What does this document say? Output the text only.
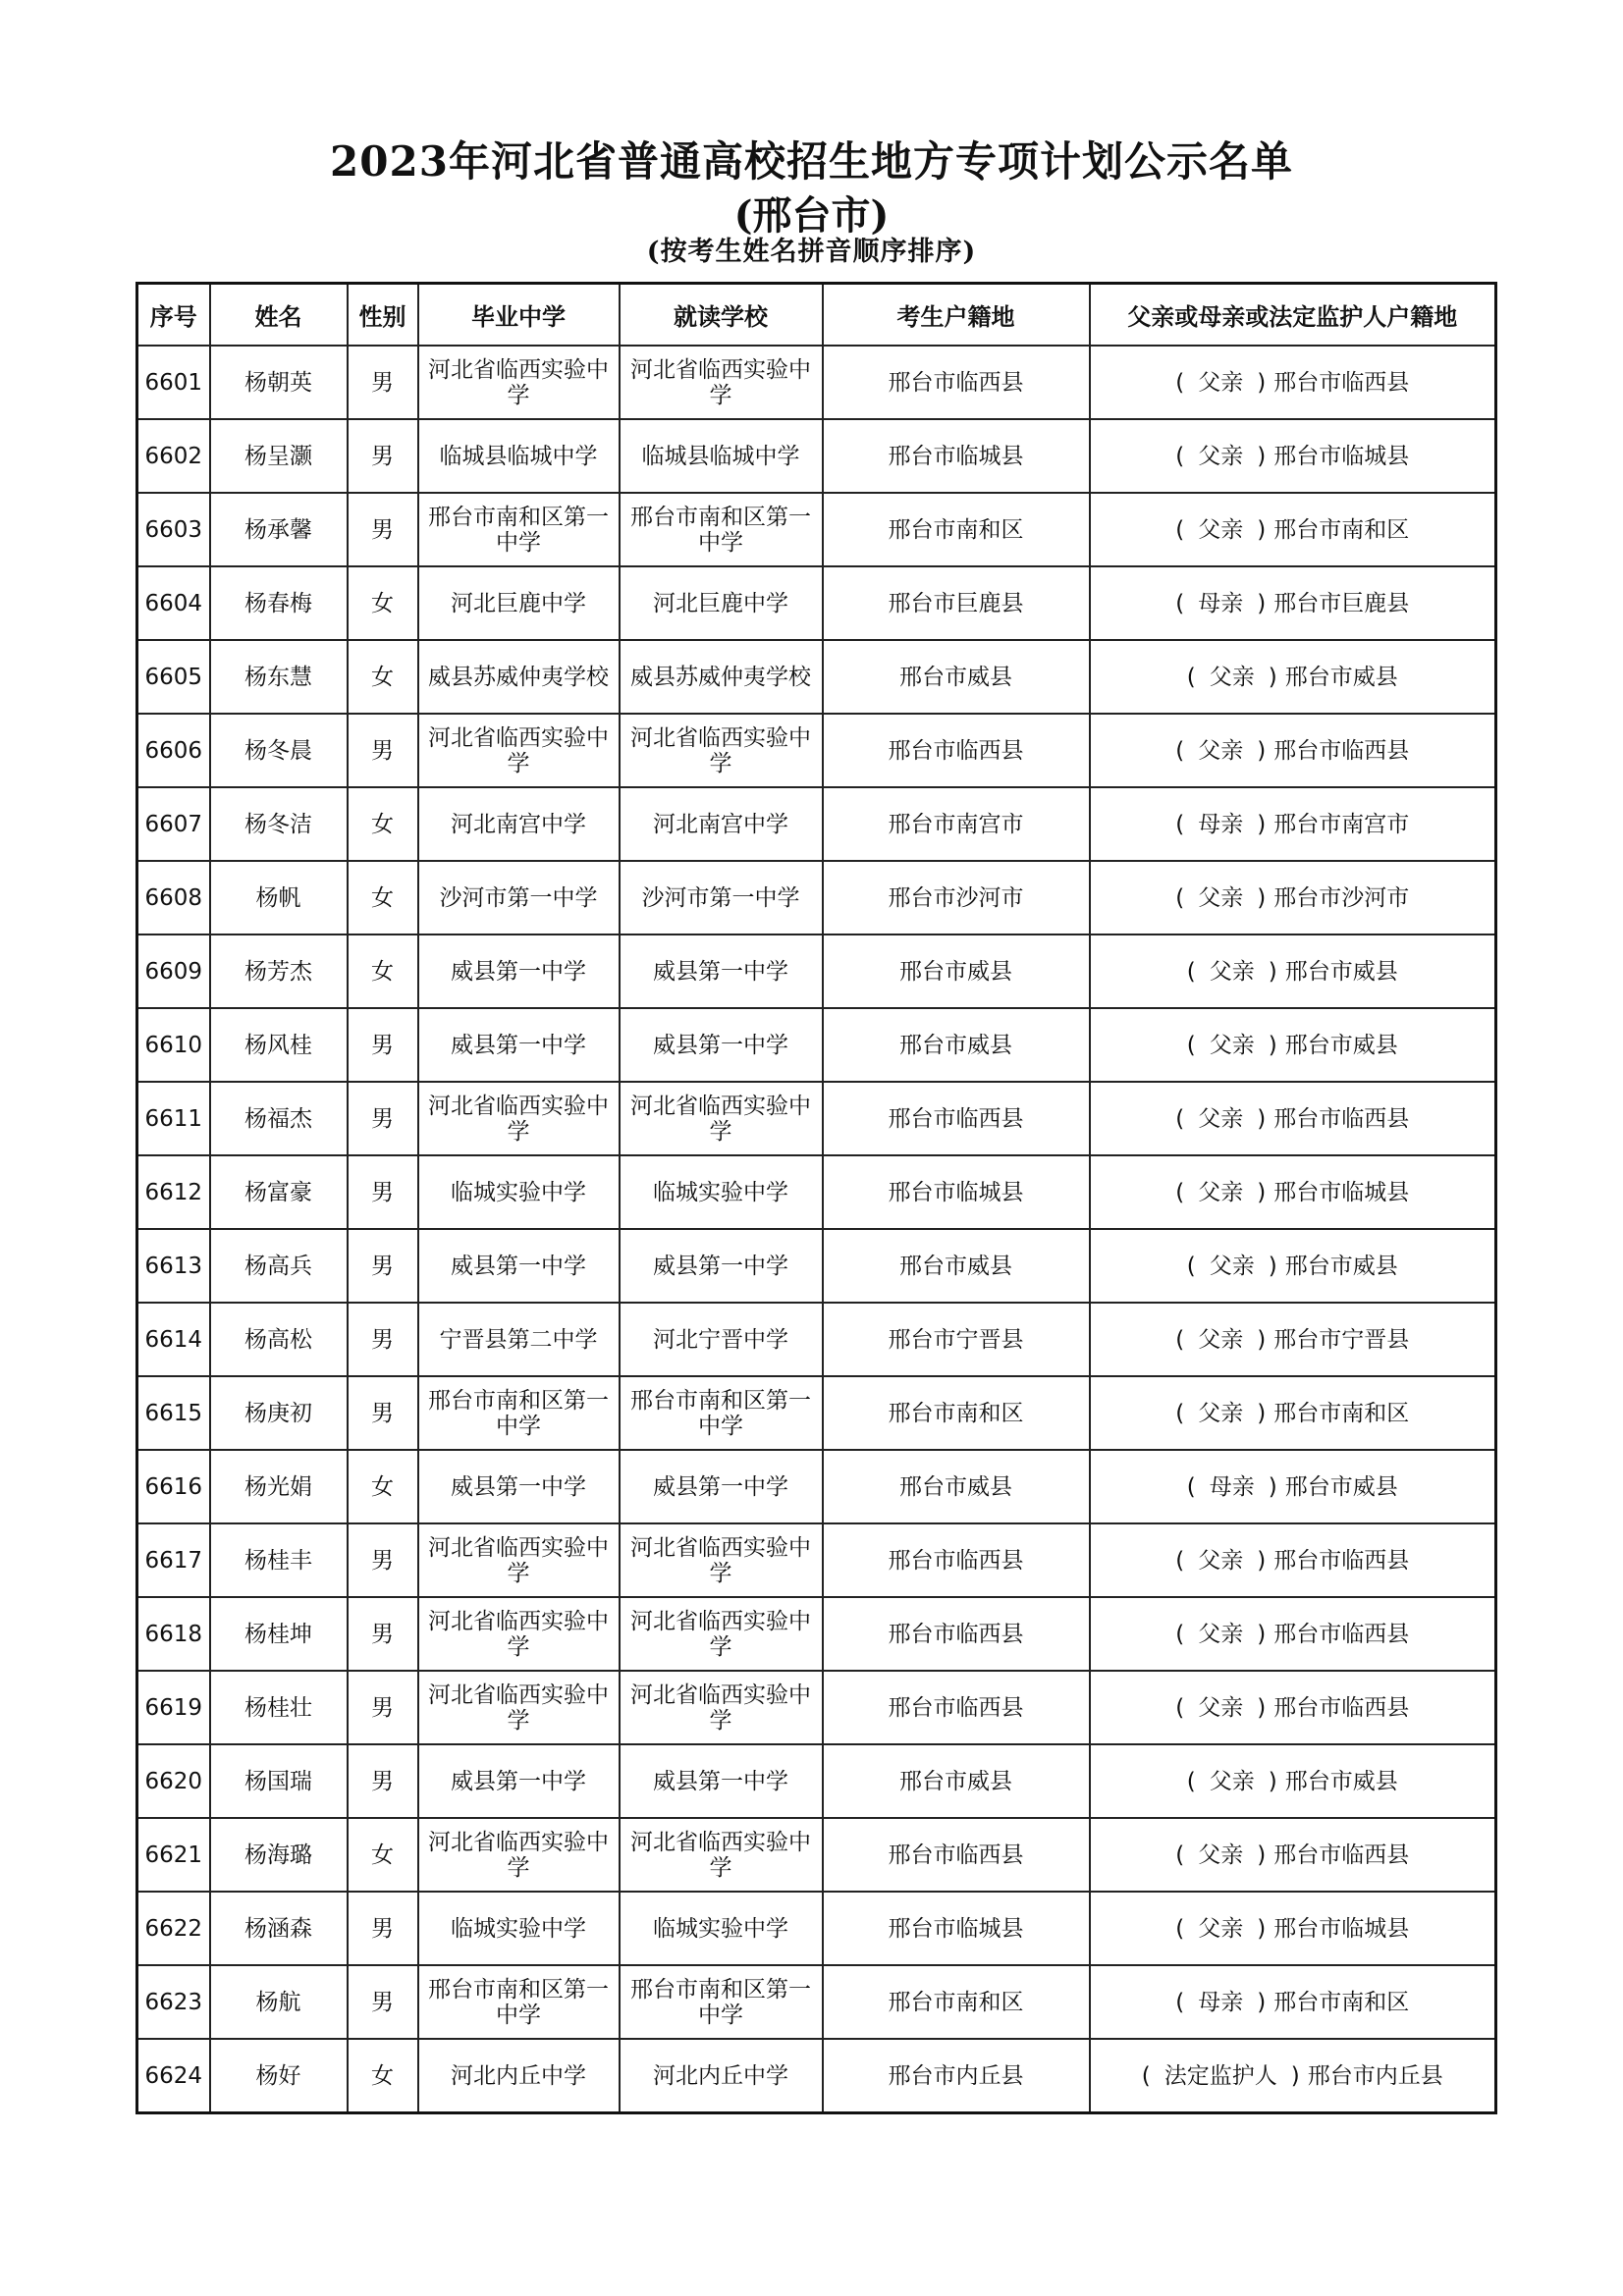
2023年河北省普通高校招生地方专项计划公示名单
(邢台市)
(按考生姓名拼音顺序排序)
序号	姓名	性别	毕业中学	就读学校	考生户籍地	父亲或母亲或法定监护人户籍地
6601	杨朝英	男	河北省临西实验中学	河北省临西实验中学	邢台市临西县	( 父亲 ) 邢台市临西县
6602	杨呈灏	男	临城县临城中学	临城县临城中学	邢台市临城县	( 父亲 ) 邢台市临城县
6603	杨承馨	男	邢台市南和区第一中学	邢台市南和区第一中学	邢台市南和区	( 父亲 ) 邢台市南和区
6604	杨春梅	女	河北巨鹿中学	河北巨鹿中学	邢台市巨鹿县	( 母亲 ) 邢台市巨鹿县
6605	杨东慧	女	威县苏威仲夷学校	威县苏威仲夷学校	邢台市威县	( 父亲 ) 邢台市威县
6606	杨冬晨	男	河北省临西实验中学	河北省临西实验中学	邢台市临西县	( 父亲 ) 邢台市临西县
6607	杨冬洁	女	河北南宫中学	河北南宫中学	邢台市南宫市	( 母亲 ) 邢台市南宫市
6608	杨帆	女	沙河市第一中学	沙河市第一中学	邢台市沙河市	( 父亲 ) 邢台市沙河市
6609	杨芳杰	女	威县第一中学	威县第一中学	邢台市威县	( 父亲 ) 邢台市威县
6610	杨风桂	男	威县第一中学	威县第一中学	邢台市威县	( 父亲 ) 邢台市威县
6611	杨福杰	男	河北省临西实验中学	河北省临西实验中学	邢台市临西县	( 父亲 ) 邢台市临西县
6612	杨富豪	男	临城实验中学	临城实验中学	邢台市临城县	( 父亲 ) 邢台市临城县
6613	杨高兵	男	威县第一中学	威县第一中学	邢台市威县	( 父亲 ) 邢台市威县
6614	杨高松	男	宁晋县第二中学	河北宁晋中学	邢台市宁晋县	( 父亲 ) 邢台市宁晋县
6615	杨庚初	男	邢台市南和区第一中学	邢台市南和区第一中学	邢台市南和区	( 父亲 ) 邢台市南和区
6616	杨光娟	女	威县第一中学	威县第一中学	邢台市威县	( 母亲 ) 邢台市威县
6617	杨桂丰	男	河北省临西实验中学	河北省临西实验中学	邢台市临西县	( 父亲 ) 邢台市临西县
6618	杨桂坤	男	河北省临西实验中学	河北省临西实验中学	邢台市临西县	( 父亲 ) 邢台市临西县
6619	杨桂壮	男	河北省临西实验中学	河北省临西实验中学	邢台市临西县	( 父亲 ) 邢台市临西县
6620	杨国瑞	男	威县第一中学	威县第一中学	邢台市威县	( 父亲 ) 邢台市威县
6621	杨海璐	女	河北省临西实验中学	河北省临西实验中学	邢台市临西县	( 父亲 ) 邢台市临西县
6622	杨涵森	男	临城实验中学	临城实验中学	邢台市临城县	( 父亲 ) 邢台市临城县
6623	杨航	男	邢台市南和区第一中学	邢台市南和区第一中学	邢台市南和区	( 母亲 ) 邢台市南和区
6624	杨好	女	河北内丘中学	河北内丘中学	邢台市内丘县	( 法定监护人 ) 邢台市内丘县
